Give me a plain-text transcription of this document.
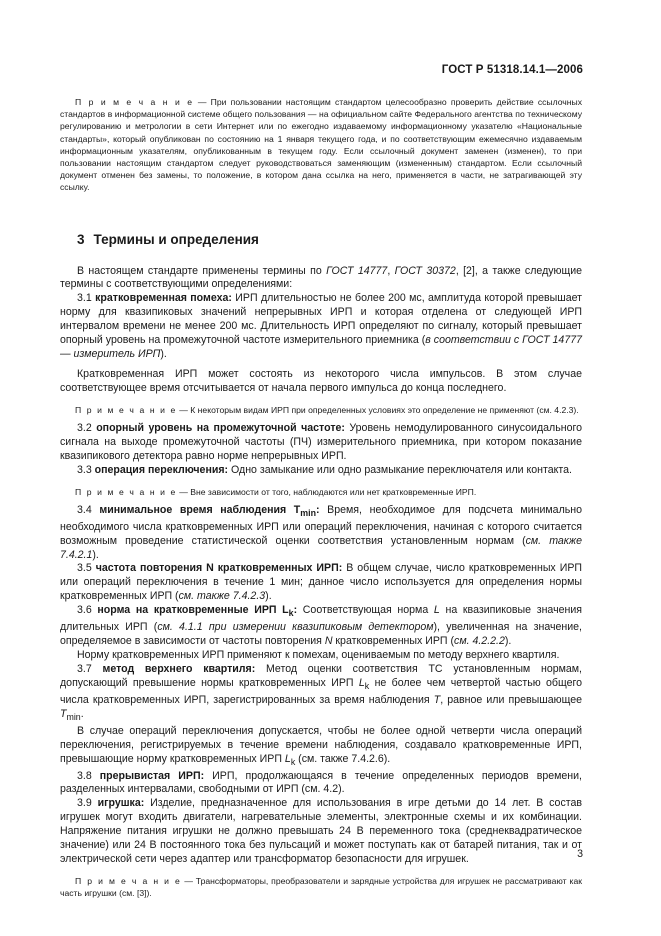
ГОСТ Р 51318.14.1—2006

П р и м е ч а н и е — При пользовании настоящим стандартом целесообразно проверить действие ссылочных стандартов в информационной системе общего пользования — на официальном сайте Федерального агентства по техническому регулированию и метрологии в сети Интернет или по ежегодно издаваемому информационному указателю «Национальные стандарты», который опубликован по состоянию на 1 января текущего года, и по соответствующим ежемесячно издаваемым информационным указателям, опубликованным в текущем году. Если ссылочный документ заменен (изменен), то при пользовании настоящим стандартом следует руководствоваться заменяющим (измененным) стандартом. Если ссылочный документ отменен без замены, то положение, в котором дана ссылка на него, применяется в части, не затрагивающей эту ссылку.

3 Термины и определения

В настоящем стандарте применены термины по ГОСТ 14777, ГОСТ 30372, [2], а также следующие термины с соответствующими определениями:

3.1 кратковременная помеха: ИРП длительностью не более 200 мс, амплитуда которой превышает норму для квазипиковых значений непрерывных ИРП и которая отделена от следующей ИРП интервалом времени не менее 200 мс. Длительность ИРП определяют по сигналу, который превышает опорный уровень на промежуточной частоте измерительного приемника (в соответствии с ГОСТ 14777 — измеритель ИРП).

Кратковременная ИРП может состоять из некоторого числа импульсов. В этом случае соответствующее время отсчитывается от начала первого импульса до конца последнего.

П р и м е ч а н и е — К некоторым видам ИРП при определенных условиях это определение не применяют (см. 4.2.3).

3.2 опорный уровень на промежуточной частоте: Уровень немодулированного синусоидального сигнала на выходе промежуточной частоты (ПЧ) измерительного приемника, при котором показание квазипикового детектора равно норме непрерывных ИРП.

3.3 операция переключения: Одно замыкание или одно размыкание переключателя или контакта.

П р и м е ч а н и е — Вне зависимости от того, наблюдаются или нет кратковременные ИРП.

3.4 минимальное время наблюдения $T_{min}$: Время, необходимое для подсчета минимально необходимого числа кратковременных ИРП или операций переключения, начиная с которого считается возможным проведение статистической оценки соответствия установленным нормам (см. также 7.4.2.1).

3.5 частота повторения N кратковременных ИРП: В общем случае, число кратковременных ИРП или операций переключения в течение 1 мин; данное число используется для определения нормы кратковременных ИРП (см. также 7.4.2.3).

3.6 норма на кратковременные ИРП $L_k$: Соответствующая норма L на квазипиковые значения длительных ИРП (см. 4.1.1 при измерении квазипиковым детектором), увеличенная на значение, определяемое в зависимости от частоты повторения N кратковременных ИРП (см. 4.2.2.2).

Норму кратковременных ИРП применяют к помехам, оцениваемым по методу верхнего квартиля.

3.7 метод верхнего квартиля: Метод оценки соответствия ТС установленным нормам, допускающий превышение нормы кратковременных ИРП $L_k$ не более чем четвертой частью общего числа кратковременных ИРП, зарегистрированных за время наблюдения T, равное или превышающее $T_{min}$.

В случае операций переключения допускается, чтобы не более одной четверти числа операций переключения, регистрируемых в течение времени наблюдения, создавало кратковременные ИРП, превышающие норму кратковременных ИРП $L_k$ (см. также 7.4.2.6).

3.8 прерывистая ИРП: ИРП, продолжающаяся в течение определенных периодов времени, разделенных интервалами, свободными от ИРП (см. 4.2).

3.9 игрушка: Изделие, предназначенное для использования в игре детьми до 14 лет. В состав игрушек могут входить двигатели, нагревательные элементы, электронные схемы и их комбинации. Напряжение питания игрушки не должно превышать 24 В переменного тока (среднеквадратическое значение) или 24 В постоянного тока без пульсаций и может поступать как от батарей питания, так и от электрической сети через адаптер или трансформатор безопасности для игрушек.

П р и м е ч а н и е — Трансформаторы, преобразователи и зарядные устройства для игрушек не рассматривают как часть игрушки (см. [3]).

3
